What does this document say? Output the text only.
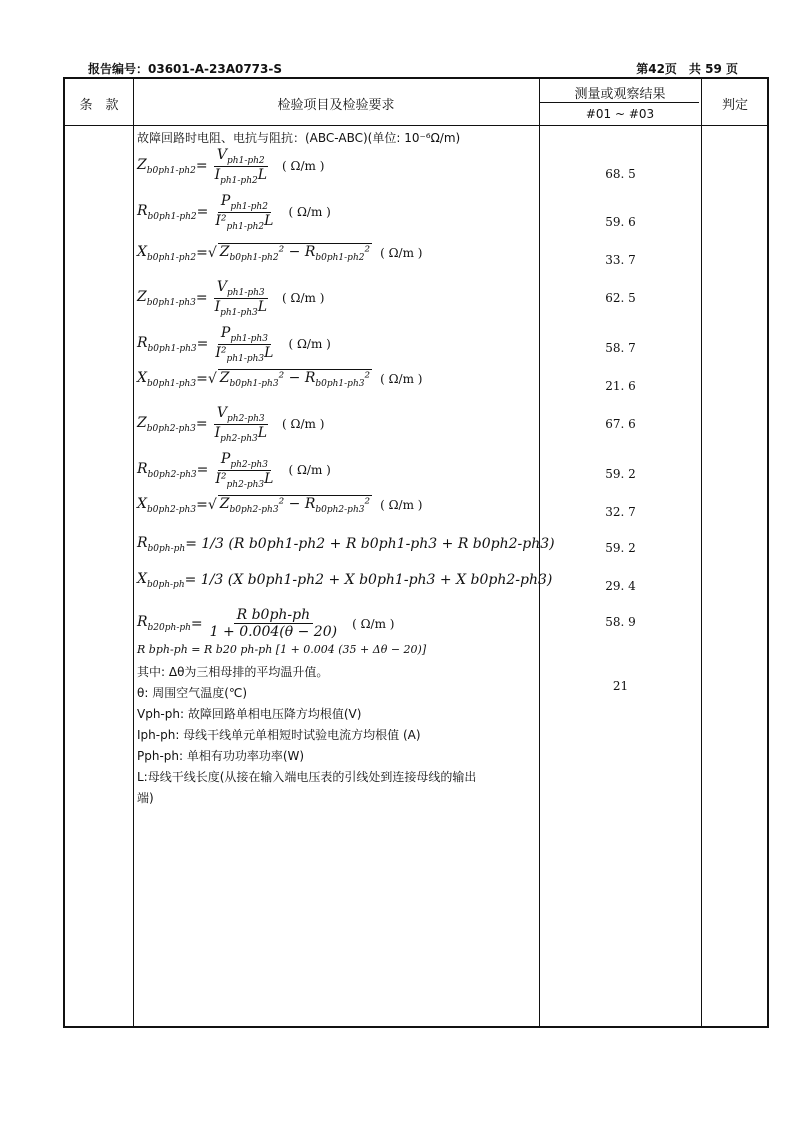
报告编号：03601-A-23A0773-S	第42页　共 59 页
条　款	检验项目及检验要求
测量或观察结果
#01 ~ #03
判定
故障回路时电阻、电抗与阻抗：(ABC-ABC)(单位: 10⁻⁶Ω/m)
$Z_{b0ph1-ph2} = \frac{V_{ph1-ph2}}{I_{ph1-ph2}L}$ ( Ω/m )
$R_{b0ph1-ph2} = \frac{P_{ph1-ph2}}{I^2_{ph1-ph2}L}$ ( Ω/m )
$X_{b0ph1-ph2}$ = √ $Z_{b0ph1-ph2}^2 - R_{b0ph1-ph2}^2$ ( Ω/m )
$Z_{b0ph1-ph3} = \frac{V_{ph1-ph3}}{I_{ph1-ph3}L}$ ( Ω/m )
$R_{b0ph1-ph3} = \frac{P_{ph1-ph3}}{I^2_{ph1-ph3}L}$ ( Ω/m )
$X_{b0ph1-ph3}$ = √ $Z_{b0ph1-ph3}^2 - R_{b0ph1-ph3}^2$ ( Ω/m )
$Z_{b0ph2-ph3} = \frac{V_{ph2-ph3}}{I_{ph2-ph3}L}$ ( Ω/m )
$R_{b0ph2-ph3} = \frac{P_{ph2-ph3}}{I^2_{ph2-ph3}L}$ ( Ω/m )
$X_{b0ph2-ph3}$ = √ $Z_{b0ph2-ph3}^2 - R_{b0ph2-ph3}^2$ ( Ω/m )
$R_{b0ph-ph} = 1/3$ (R b0ph1-ph2 + R b0ph1-ph3 + R b0ph2-ph3)
$X_{b0ph-ph} = 1/3$ (X b0ph1-ph2 + X b0ph1-ph3 + X b0ph2-ph3)
$R_{b20ph-ph} = \frac{\text{R b0ph-ph}}{1 + 0.004(\theta - 20)}$ ( Ω/m )
R bph-ph = R b20 ph-ph [1 + 0.004 (35 + Δθ − 20)]
其中: Δθ为三相母排的平均温升值。
θ: 周围空气温度(℃)
Vph-ph: 故障回路单相电压降方均根值(V)
Iph-ph: 母线干线单元单相短时试验电流方均根值 (A)
Pph-ph: 单相有功功率功率(W)
L:母线干线长度(从接在输入端电压表的引线处到连接母线的输出
端)
68. 5
59. 6
33. 7
62. 5
58. 7
21. 6
67. 6
59. 2
32. 7
59. 2
29. 4
58. 9
21
